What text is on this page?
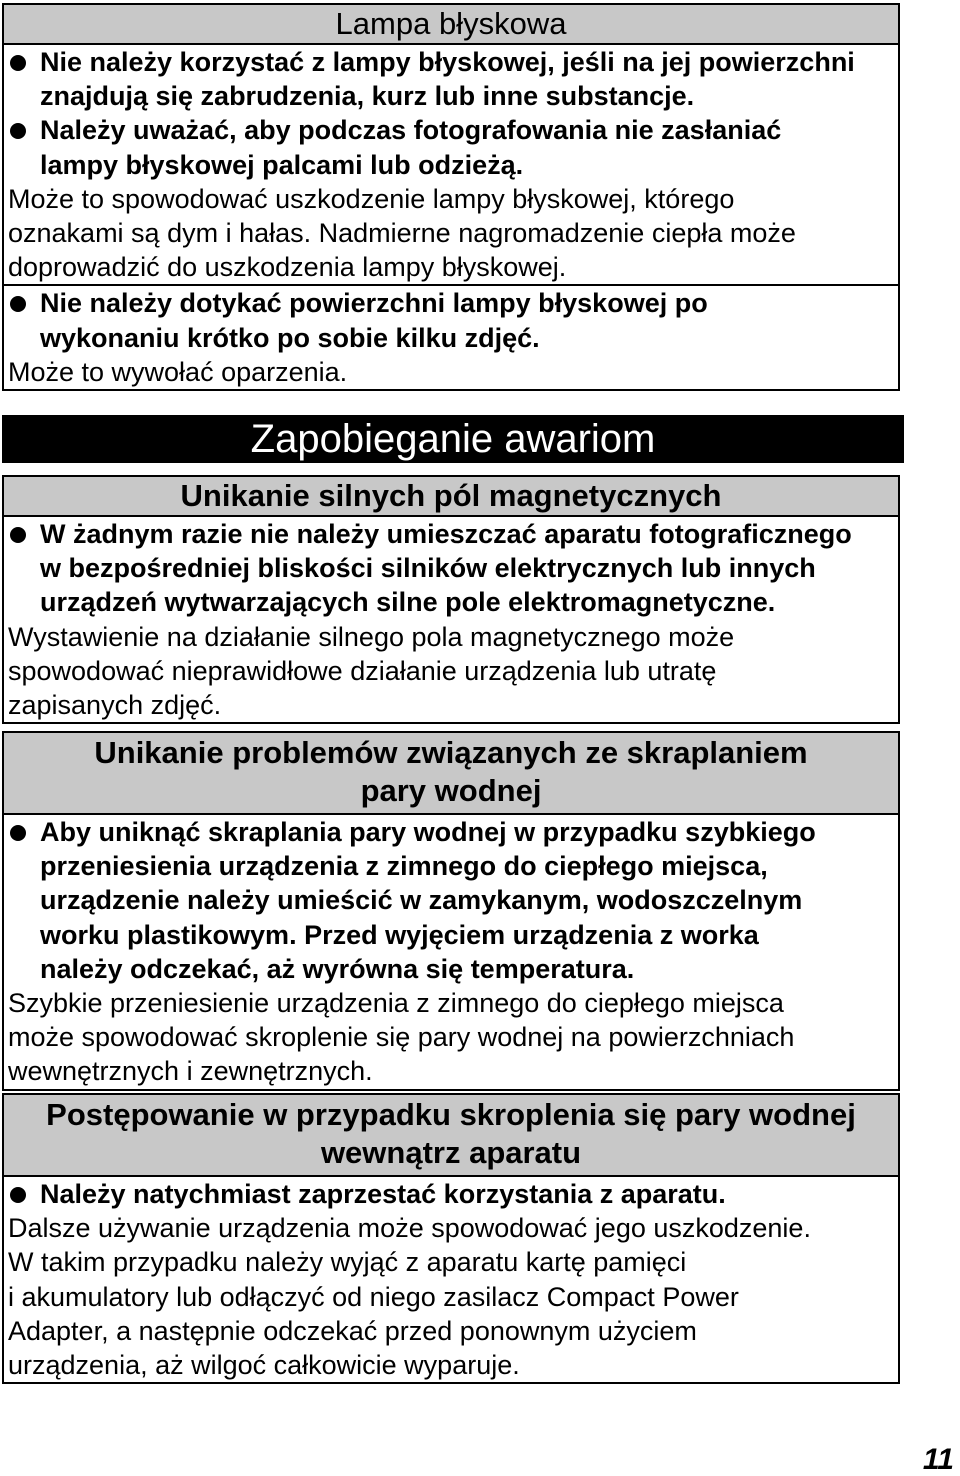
Lampa błyskowa
Nie należy korzystać z lampy błyskowej, jeśli na jej powierzchni
znajdują się zabrudzenia, kurz lub inne substancje.
Należy uważać, aby podczas fotografowania nie zasłaniać
lampy błyskowej palcami lub odzieżą.
Może to spowodować uszkodzenie lampy błyskowej, którego
oznakami są dym i hałas. Nadmierne nagromadzenie ciepła może
doprowadzić do uszkodzenia lampy błyskowej.
Nie należy dotykać powierzchni lampy błyskowej po
wykonaniu krótko po sobie kilku zdjęć.
Może to wywołać oparzenia.
Zapobieganie awariom
Unikanie silnych pól magnetycznych
W żadnym razie nie należy umieszczać aparatu fotograficznego
w bezpośredniej bliskości silników elektrycznych lub innych
urządzeń wytwarzających silne pole elektromagnetyczne.
Wystawienie na działanie silnego pola magnetycznego może
spowodować nieprawidłowe działanie urządzenia lub utratę
zapisanych zdjęć.
Unikanie problemów związanych ze skraplaniem
pary wodnej
Aby uniknąć skraplania pary wodnej w przypadku szybkiego
przeniesienia urządzenia z zimnego do ciepłego miejsca,
urządzenie należy umieścić w zamykanym, wodoszczelnym
worku plastikowym. Przed wyjęciem urządzenia z worka
należy odczekać, aż wyrówna się temperatura.
Szybkie przeniesienie urządzenia z zimnego do ciepłego miejsca
może spowodować skroplenie się pary wodnej na powierzchniach
wewnętrznych i zewnętrznych.
Postępowanie w przypadku skroplenia się pary wodnej
wewnątrz aparatu
Należy natychmiast zaprzestać korzystania z aparatu.
Dalsze używanie urządzenia może spowodować jego uszkodzenie.
W takim przypadku należy wyjąć z aparatu kartę pamięci
i akumulatory lub odłączyć od niego zasilacz Compact Power
Adapter, a następnie odczekać przed ponownym użyciem
urządzenia, aż wilgoć całkowicie wyparuje.
11
